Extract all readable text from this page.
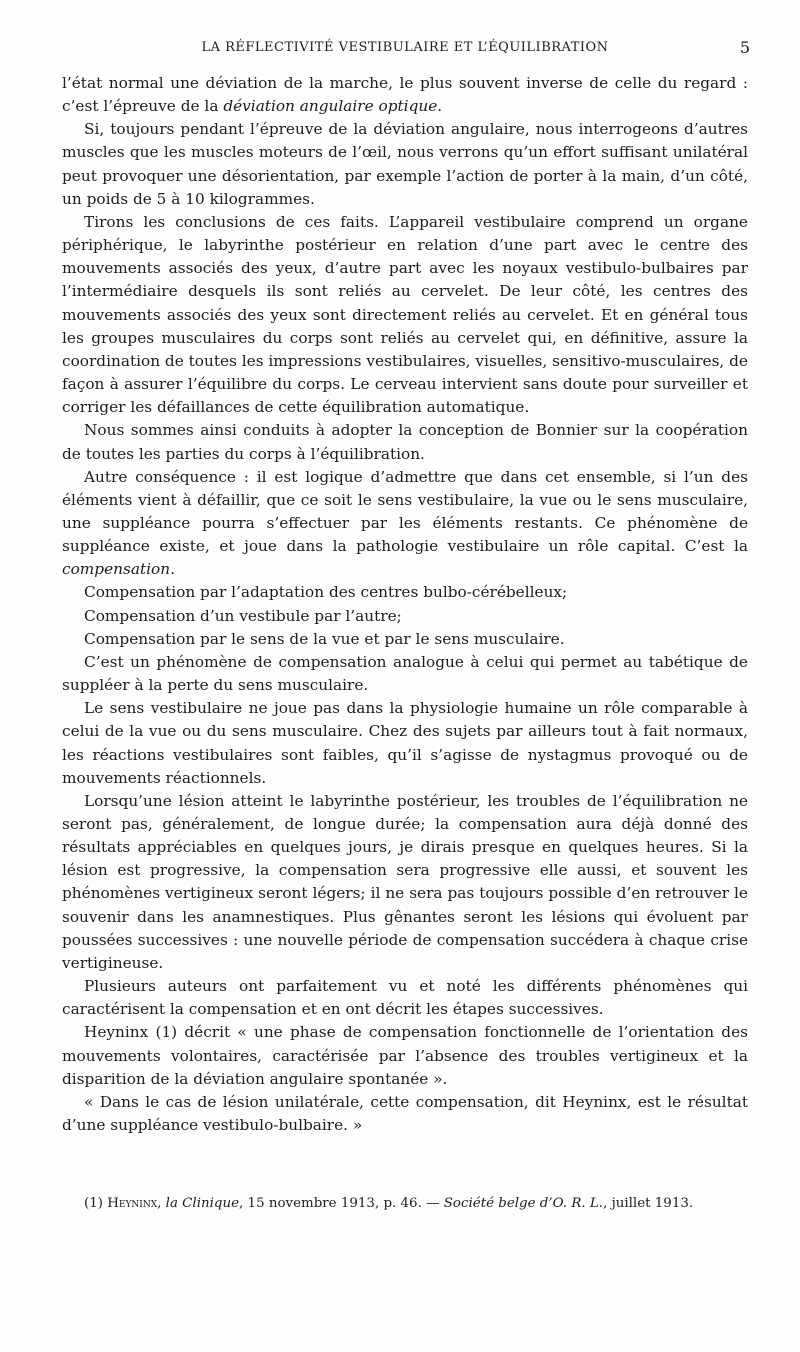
LA RÉFLECTIVITÉ VESTIBULAIRE ET L’ÉQUILIBRATION	5

l’état normal une déviation de la marche, le plus souvent inverse de celle du regard : c’est l’épreuve de la déviation angulaire optique.

Si, toujours pendant l’épreuve de la déviation angulaire, nous interrogeons d’autres muscles que les muscles moteurs de l’œil, nous verrons qu’un effort suffisant unilatéral peut provoquer une désorientation, par exemple l’action de porter à la main, d’un côté, un poids de 5 à 10 kilogrammes.

Tirons les conclusions de ces faits. L’appareil vestibulaire comprend un organe périphérique, le labyrinthe postérieur en relation d’une part avec le centre des mouvements associés des yeux, d’autre part avec les noyaux vestibulo-bulbaires par l’intermédiaire desquels ils sont reliés au cervelet. De leur côté, les centres des mouvements associés des yeux sont directement reliés au cervelet. Et en général tous les groupes musculaires du corps sont reliés au cervelet qui, en définitive, assure la coordination de toutes les impressions vestibulaires, visuelles, sensitivo-musculaires, de façon à assurer l’équilibre du corps. Le cerveau intervient sans doute pour surveiller et corriger les défaillances de cette équilibration automatique.

Nous sommes ainsi conduits à adopter la conception de Bonnier sur la coopération de toutes les parties du corps à l’équilibration.

Autre conséquence : il est logique d’admettre que dans cet ensemble, si l’un des éléments vient à défaillir, que ce soit le sens vestibulaire, la vue ou le sens musculaire, une suppléance pourra s’effectuer par les éléments restants. Ce phénomène de suppléance existe, et joue dans la pathologie vestibulaire un rôle capital. C’est la compensation.

Compensation par l’adaptation des centres bulbo-cérébelleux;

Compensation d’un vestibule par l’autre;

Compensation par le sens de la vue et par le sens musculaire.

C’est un phénomène de compensation analogue à celui qui permet au tabétique de suppléer à la perte du sens musculaire.

Le sens vestibulaire ne joue pas dans la physiologie humaine un rôle comparable à celui de la vue ou du sens musculaire. Chez des sujets par ailleurs tout à fait normaux, les réactions vestibulaires sont faibles, qu’il s’agisse de nystagmus provoqué ou de mouvements réactionnels.

Lorsqu’une lésion atteint le labyrinthe postérieur, les troubles de l’équilibration ne seront pas, généralement, de longue durée; la compensation aura déjà donné des résultats appréciables en quelques jours, je dirais presque en quelques heures. Si la lésion est progressive, la compensation sera progressive elle aussi, et souvent les phénomènes vertigineux seront légers; il ne sera pas toujours possible d’en retrouver le souvenir dans les anamnestiques. Plus gênantes seront les lésions qui évoluent par poussées successives : une nouvelle période de compensation succédera à chaque crise vertigineuse.

Plusieurs auteurs ont parfaitement vu et noté les différents phénomènes qui caractérisent la compensation et en ont décrit les étapes successives.

Heyninx (1) décrit « une phase de compensation fonctionnelle de l’orientation des mouvements volontaires, caractérisée par l’absence des troubles vertigineux et la disparition de la déviation angulaire spontanée ».

« Dans le cas de lésion unilatérale, cette compensation, dit Heyninx, est le résultat d’une suppléance vestibulo-bulbaire. »

(1) Heyninx, la Clinique, 15 novembre 1913, p. 46. — Société belge d’O. R. L., juillet 1913.
